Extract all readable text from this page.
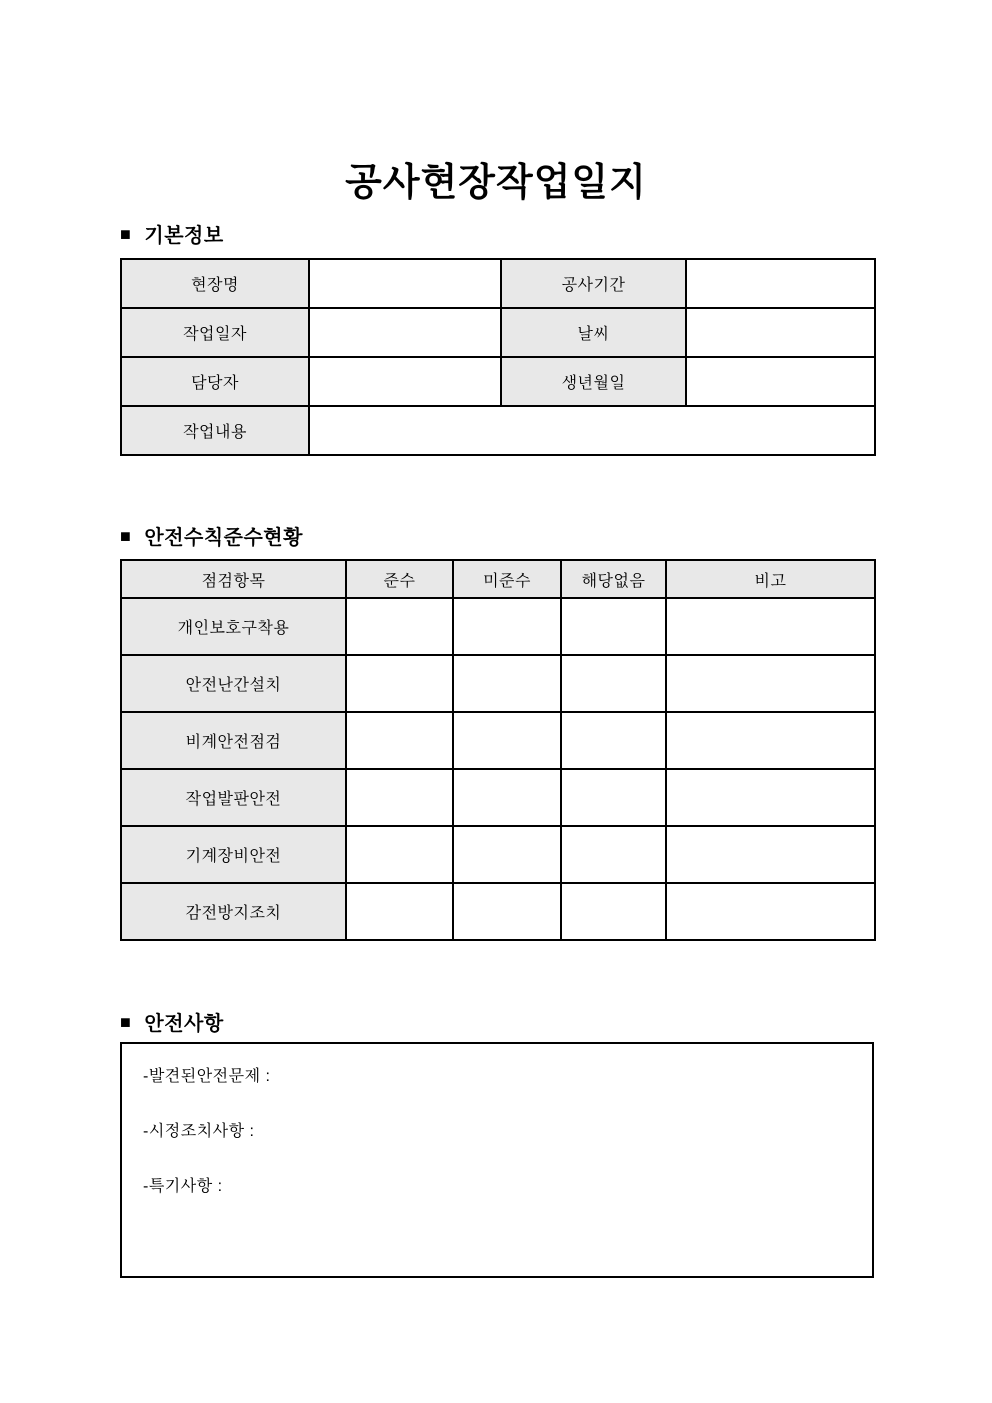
공사현장작업일지
■ 기본정보
현장명		공사기간	
작업일자		날씨	
담당자		생년월일	
작업내용			
■ 안전수칙준수현황
점검항목	준수	미준수	해당없음	비고
개인보호구착용				
안전난간설치				
비계안전점검				
작업발판안전				
기계장비안전				
감전방지조치				
■ 안전사항

-발견된안전문제 :

-시정조치사항 :

-특기사항 :
